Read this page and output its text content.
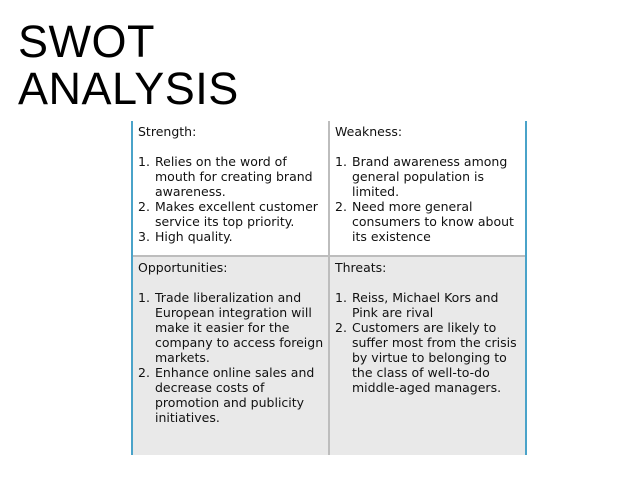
SWOT
ANALYSIS
Strength:
1. Relies on the word of mouth for creating brand awareness.
2. Makes excellent customer service its top priority.
3. High quality.
Weakness:
1. Brand awareness among general population is limited.
2. Need more general consumers to know about its existence
Opportunities:
1. Trade liberalization and European integration will make it easier for the company to access foreign markets.
2. Enhance online sales and decrease costs of promotion and publicity initiatives.
Threats:
1. Reiss, Michael Kors and Pink are rival
2. Customers are likely to suffer most from the crisis by virtue to belonging to the class of well-to-do middle-aged managers.
